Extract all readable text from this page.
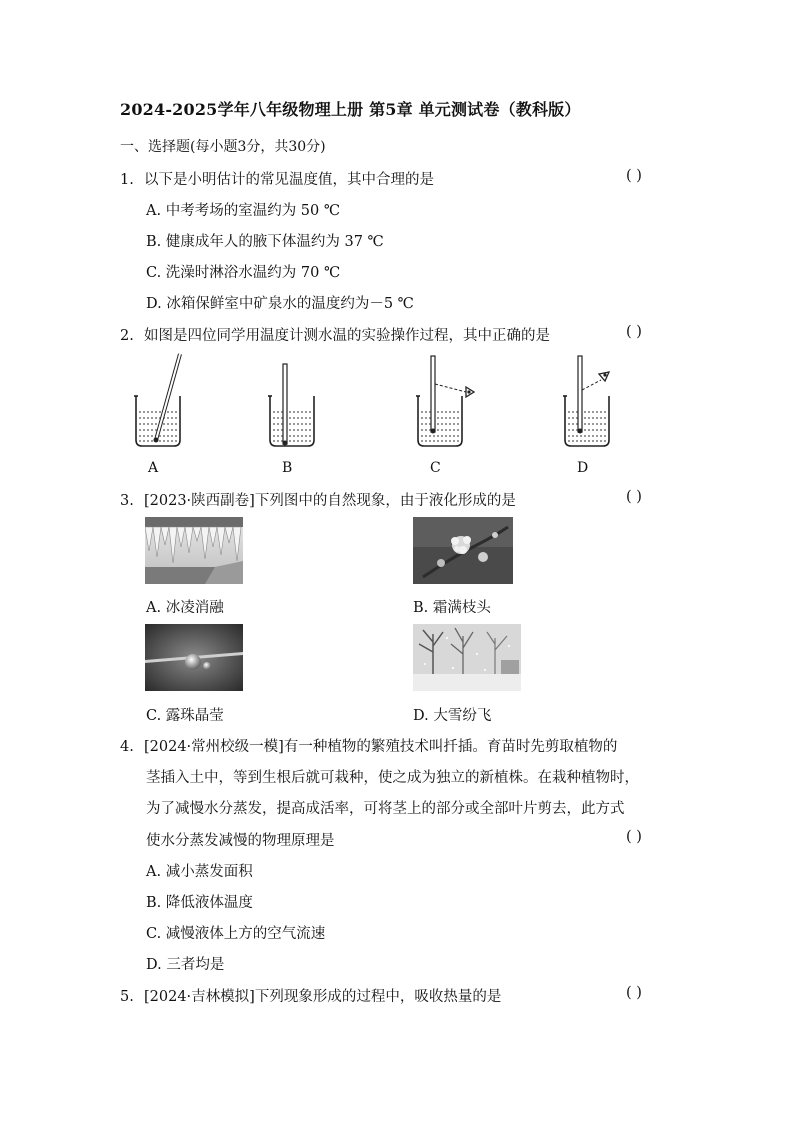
2024-2025学年八年级物理上册 第5章 单元测试卷（教科版）
一、选择题(每小题3分，共30分)
1. 以下是小明估计的常见温度值，其中合理的是	( )
A. 中考考场的室温约为 50 ℃
B. 健康成年人的腋下体温约为 37 ℃
C. 洗澡时淋浴水温约为 70 ℃
D. 冰箱保鲜室中矿泉水的温度约为－5 ℃
2. 如图是四位同学用温度计测水温的实验操作过程，其中正确的是	( )
A	B	C	D
3. [2023·陕西副卷]下列图中的自然现象，由于液化形成的是	( )
A. 冰凌消融	B. 霜满枝头
C. 露珠晶莹	D. 大雪纷飞
4. [2024·常州校级一模]有一种植物的繁殖技术叫扦插。育苗时先剪取植物的
茎插入土中，等到生根后就可栽种，使之成为独立的新植株。在栽种植物时，
为了减慢水分蒸发，提高成活率，可将茎上的部分或全部叶片剪去，此方式
使水分蒸发减慢的物理原理是	( )
A. 减小蒸发面积
B. 降低液体温度
C. 减慢液体上方的空气流速
D. 三者均是
5. [2024·吉林模拟]下列现象形成的过程中，吸收热量的是	( )
